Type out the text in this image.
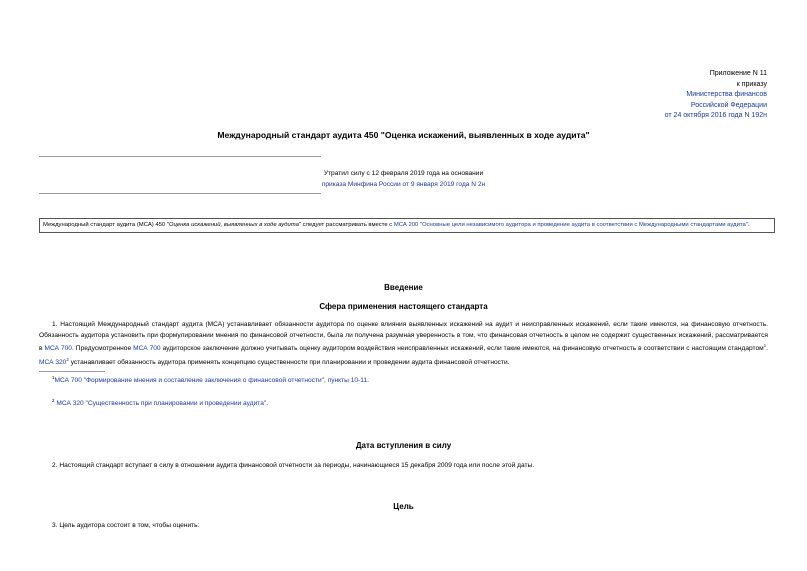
Приложение N 11
к приказу
Министерства финансов
Российской Федерации
от 24 октября 2016 года N 192н
Международный стандарт аудита 450 "Оценка искажений, выявленных в ходе аудита"
Утратил силу с 12 февраля 2019 года на основании
приказа Минфина России от 9 января 2019 года N 2н
Международный стандарт аудита (МСА) 450 "Оценка искажений, выявленных в ходе аудита" следует рассматривать вместе с МСА 200 "Основные цели независимого аудитора и проведение аудита в соответствии с Международными стандартами аудита".
Введение
Сфера применения настоящего стандарта
1. Настоящий Международный стандарт аудита (МСА) устанавливает обязанности аудитора по оценке влияния выявленных искажений на аудит и неисправленных искажений, если такие имеются, на финансовую отчетность. Обязанность аудитора установить при формулировании мнения по финансовой отчетности, была ли получена разумная уверенность в том, что финансовая отчетность в целом не содержит существенных искажений, рассматривается в МСА 700. Предусмотренное МСА 700 аудиторское заключение должно учитывать оценку аудитором воздействия неисправленных искажений, если такие имеются, на финансовую отчетность в соответствии с настоящим стандартом$^1$. МСА $320^2$ устанавливает обязанность аудитора применять концепцию существенности при планировании и проведении аудита финансовой отчетности.
$^1$МСА 700 "Формирование мнения и составление заключения о финансовой отчетности", пункты 10-11.
$^2$ МСА 320 "Существенность при планировании и проведении аудита".
Дата вступления в силу
2. Настоящий стандарт вступает в силу в отношении аудита финансовой отчетности за периоды, начинающиеся 15 декабря 2009 года или после этой даты.
Цель
3. Цель аудитора состоит в том, чтобы оценить:
